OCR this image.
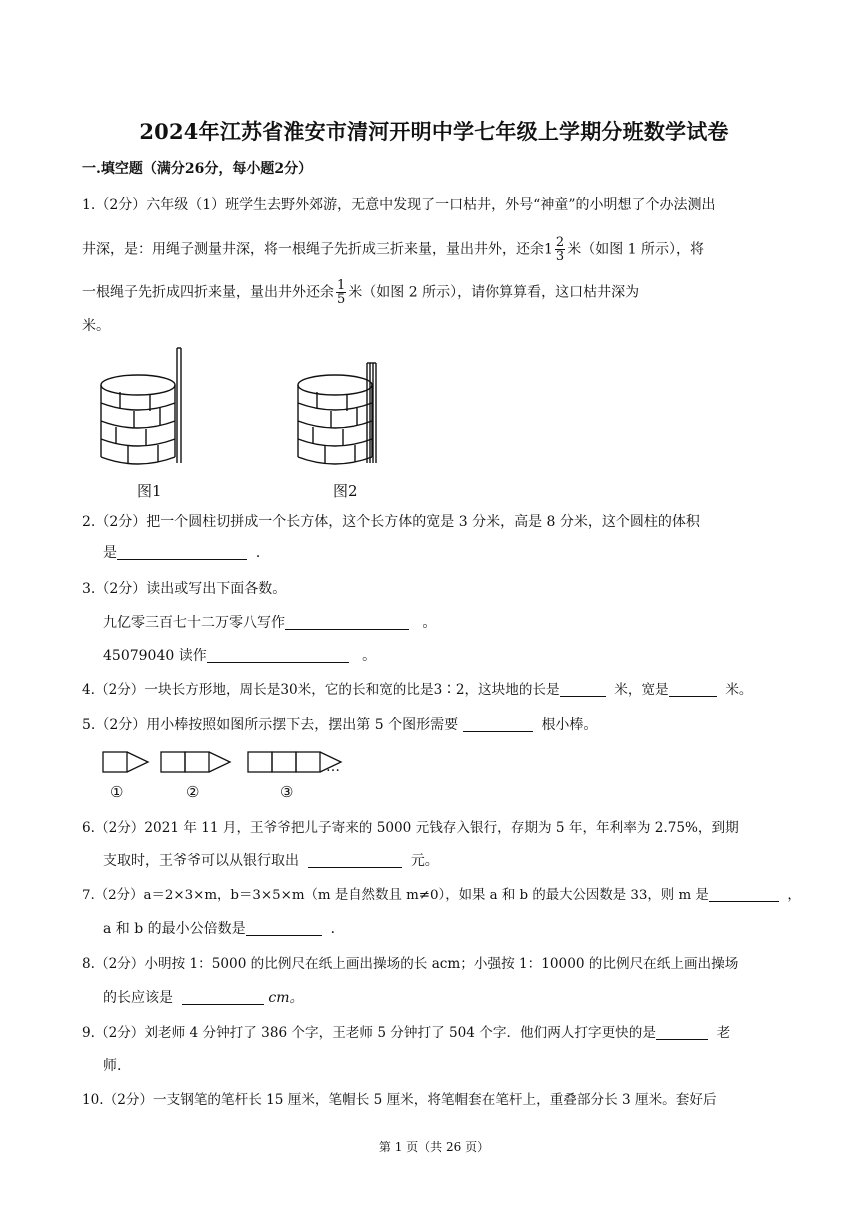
2024年江苏省淮安市清河开明中学七年级上学期分班数学试卷
一.填空题（满分26分，每小题2分）
1.（2分）六年级（1）班学生去野外郊游，无意中发现了一口枯井，外号“神童”的小明想了个办法测出
井深，是：用绳子测量井深，将一根绳子先折成三折来量，量出井外，还余$1 \frac{2}{3}$ 米（如图 1 所示），将
一根绳子先折成四折来量，量出井外还余 $\frac{1}{5}$ 米（如图 2 所示），请你算算看，这口枯井深为
米。
图1	图2
2.（2分）把一个圆柱切拼成一个长方体，这个长方体的宽是 3 分米，高是 8 分米，这个圆柱的体积
是	．
3.（2分）读出或写出下面各数。
九亿零三百七十二万零八写作	。
45079040 读作	。
4.（2分）一块长方形地，周长是30米，它的长和宽的比是3∶2，这块地的长是	米，宽是	米。
5.（2分）用小棒按照如图所示摆下去，摆出第 5 个图形需要	根小棒。
…
①	②	③
6.（2分）2021 年 11 月，王爷爷把儿子寄来的 5000 元钱存入银行，存期为 5 年，年利率为 2.75%，到期
支取时，王爷爷可以从银行取出	元。
7.（2分）a＝2×3×m，b＝3×5×m（m 是自然数且 m≠0），如果 a 和 b 的最大公因数是 33，则 m 是	，
a 和 b 的最小公倍数是	．
8.（2分）小明按 1：5000 的比例尺在纸上画出操场的长 acm；小强按 1：10000 的比例尺在纸上画出操场
的长应该是	cm。
9.（2分）刘老师 4 分钟打了 386 个字，王老师 5 分钟打了 504 个字．他们两人打字更快的是	老
师.
10.（2分）一支钢笔的笔杆长 15 厘米，笔帽长 5 厘米，将笔帽套在笔杆上，重叠部分长 3 厘米。套好后
第 1 页（共 26 页）
